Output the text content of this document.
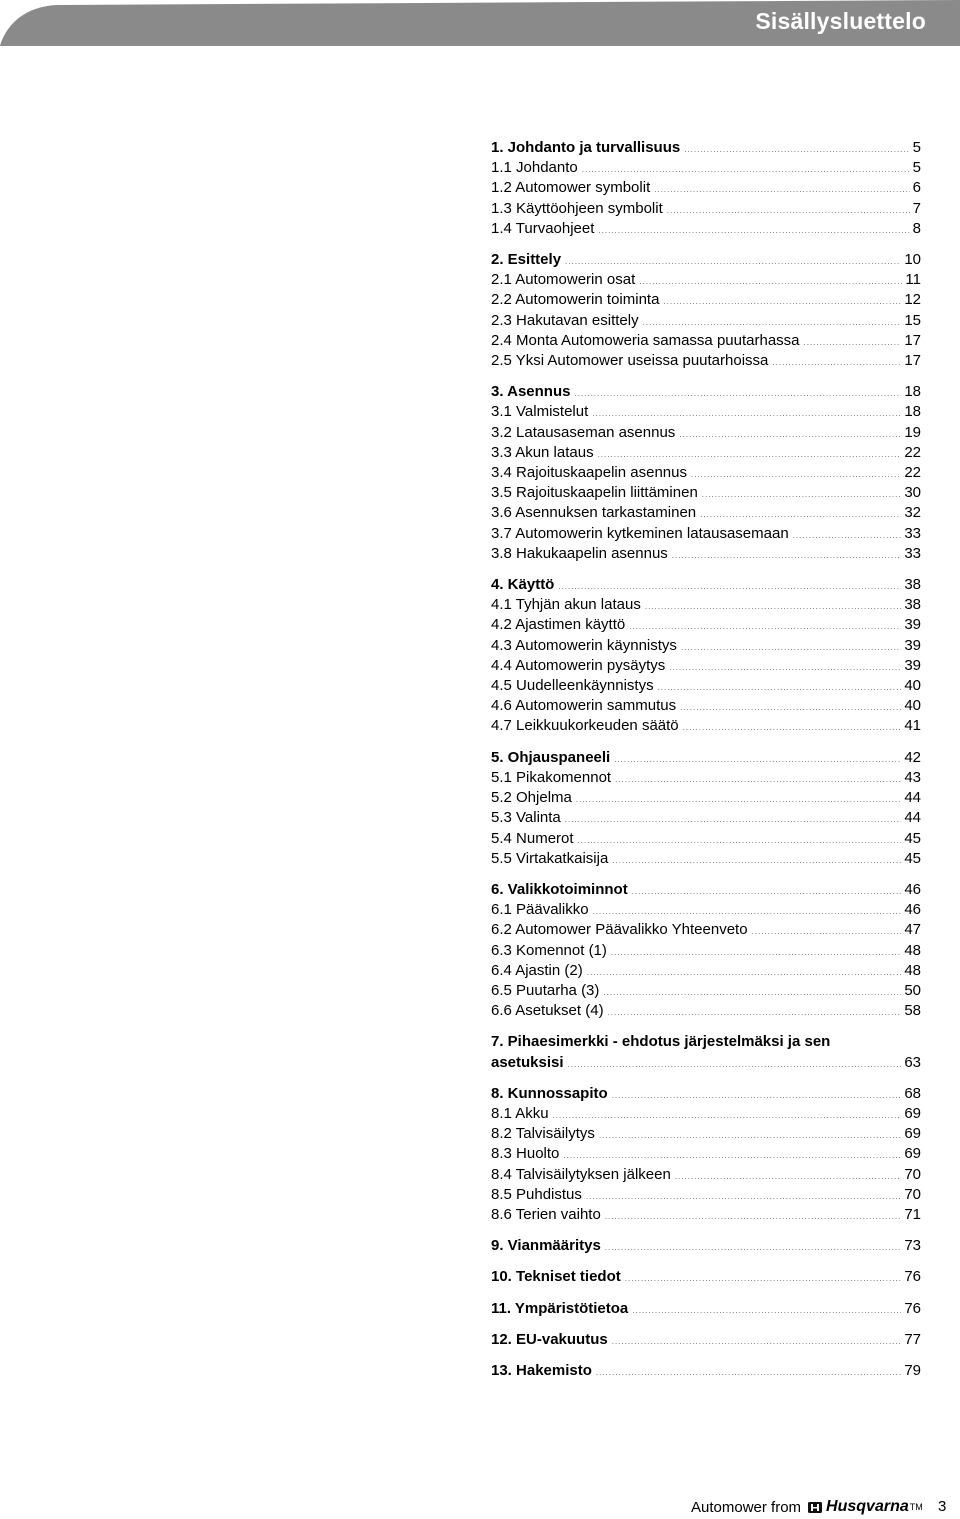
Sisällysluettelo
1. Johdanto ja turvallisuus .....	5
1.1 Johdanto .....	5
1.2 Automower symbolit .....	6
1.3 Käyttöohjeen symbolit .....	7
1.4 Turvaohjeet .....	8
2. Esittely .....	10
2.1 Automowerin osat .....	11
2.2 Automowerin toiminta .....	12
2.3 Hakutavan esittely .....	15
2.4 Monta Automoweria samassa puutarhassa .....	17
2.5 Yksi Automower useissa puutarhoissa .....	17
3. Asennus .....	18
3.1 Valmistelut .....	18
3.2 Latausaseman asennus .....	19
3.3 Akun lataus .....	22
3.4 Rajoituskaapelin asennus .....	22
3.5 Rajoituskaapelin liittäminen .....	30
3.6 Asennuksen tarkastaminen .....	32
3.7 Automowerin kytkeminen latausasemaan .....	33
3.8 Hakukaapelin asennus .....	33
4. Käyttö .....	38
4.1 Tyhjän akun lataus .....	38
4.2 Ajastimen käyttö .....	39
4.3 Automowerin käynnistys .....	39
4.4 Automowerin pysäytys .....	39
4.5 Uudelleenkäynnistys .....	40
4.6 Automowerin sammutus .....	40
4.7 Leikkuukorkeuden säätö .....	41
5. Ohjauspaneeli .....	42
5.1 Pikakomennot .....	43
5.2 Ohjelma .....	44
5.3 Valinta .....	44
5.4 Numerot .....	45
5.5 Virtakatkaisija .....	45
6. Valikkotoiminnot .....	46
6.1 Päävalikko .....	46
6.2 Automower Päävalikko Yhteenveto .....	47
6.3 Komennot (1) .....	48
6.4 Ajastin (2) .....	48
6.5 Puutarha (3) .....	50
6.6 Asetukset (4) .....	58
7. Pihaesimerkki - ehdotus järjestelmäksi ja sen
asetuksisi .....	63
8. Kunnossapito .....	68
8.1 Akku .....	69
8.2 Talvisäilytys .....	69
8.3 Huolto .....	69
8.4 Talvisäilytyksen jälkeen .....	70
8.5 Puhdistus .....	70
8.6 Terien vaihto .....	71
9. Vianmääritys .....	73
10. Tekniset tiedot .....	76
11. Ympäristötietoa .....	76
12. EU-vakuutus .....	77
13. Hakemisto .....	79
Automower from Husqvarna TM 3
